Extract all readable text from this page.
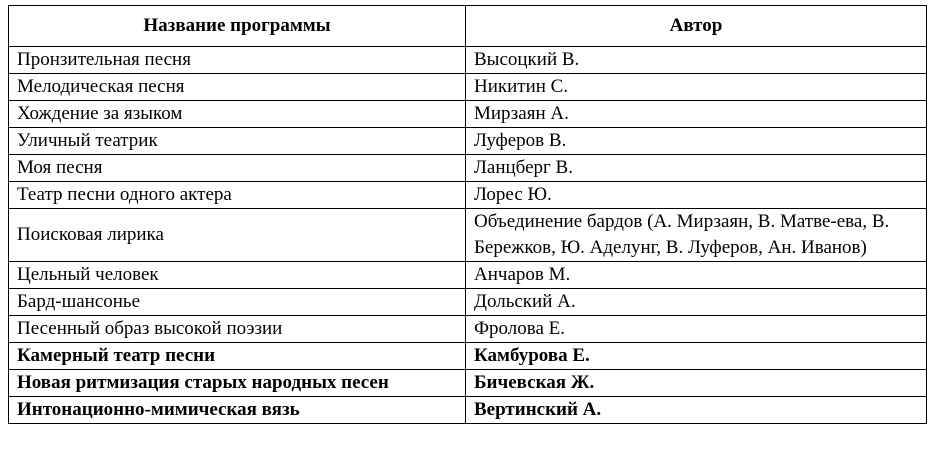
Название программы	Автор
Пронзительная песня	Высоцкий В.
Мелодическая песня	Никитин С.
Хождение за языком	Мирзаян А.
Уличный театрик	Луферов В.
Моя песня	Ланцберг В.
Театр песни одного актера	Лорес Ю.
Поисковая лирика	Объединение бардов (А. Мирзаян, В. Матве-ева, В. Бережков, Ю. Аделунг, В. Луферов, Ан. Иванов)
Цельный человек	Анчаров М.
Бард-шансонье	Дольский А.
Песенный образ высокой поэзии	Фролова Е.
Камерный театр песни	Камбурова Е.
Новая ритмизация старых народных песен	Бичевская Ж.
Интонационно-мимическая вязь	Вертинский А.
